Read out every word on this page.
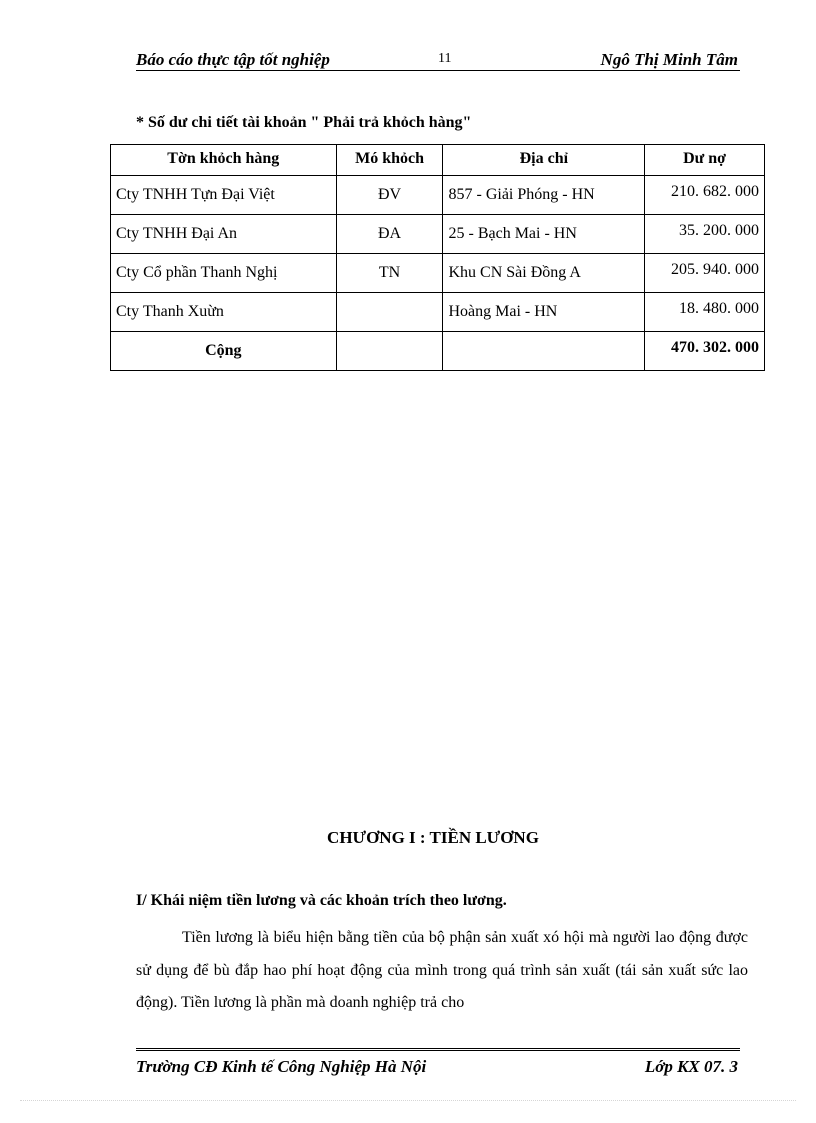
Báo cáo thực tập tốt nghiệp	11	Ngô Thị Minh Tâm
* Số dư chi tiết tài khoản " Phải trả khỏch hàng"
Tờn khỏch hàng	Mó khỏch	Địa chỉ	Dư nợ
Cty TNHH Tựn Đại Việt	ĐV	857 - Giải Phóng - HN	210. 682. 000
Cty TNHH Đại An	ĐA	25 - Bạch Mai - HN	35. 200. 000
Cty Cổ phần Thanh Nghị	TN	Khu CN Sài Đồng A	205. 940. 000
Cty Thanh Xuừn		Hoàng Mai - HN	18. 480. 000
Cộng			470. 302. 000
CHƯƠNG I : TIỀN LƯƠNG
I/ Khái niệm tiền lương và các khoản trích theo lương.
Tiền lương là biểu hiện bằng tiền của bộ phận sản xuất xó hội mà người lao động được sử dụng để bù đắp hao phí hoạt động của mình trong quá trình sản xuất (tái sản xuất sức lao động). Tiền lương là phần mà doanh nghiệp trả cho
Trường CĐ Kinh tế Công Nghiệp Hà Nội	Lớp KX 07. 3
